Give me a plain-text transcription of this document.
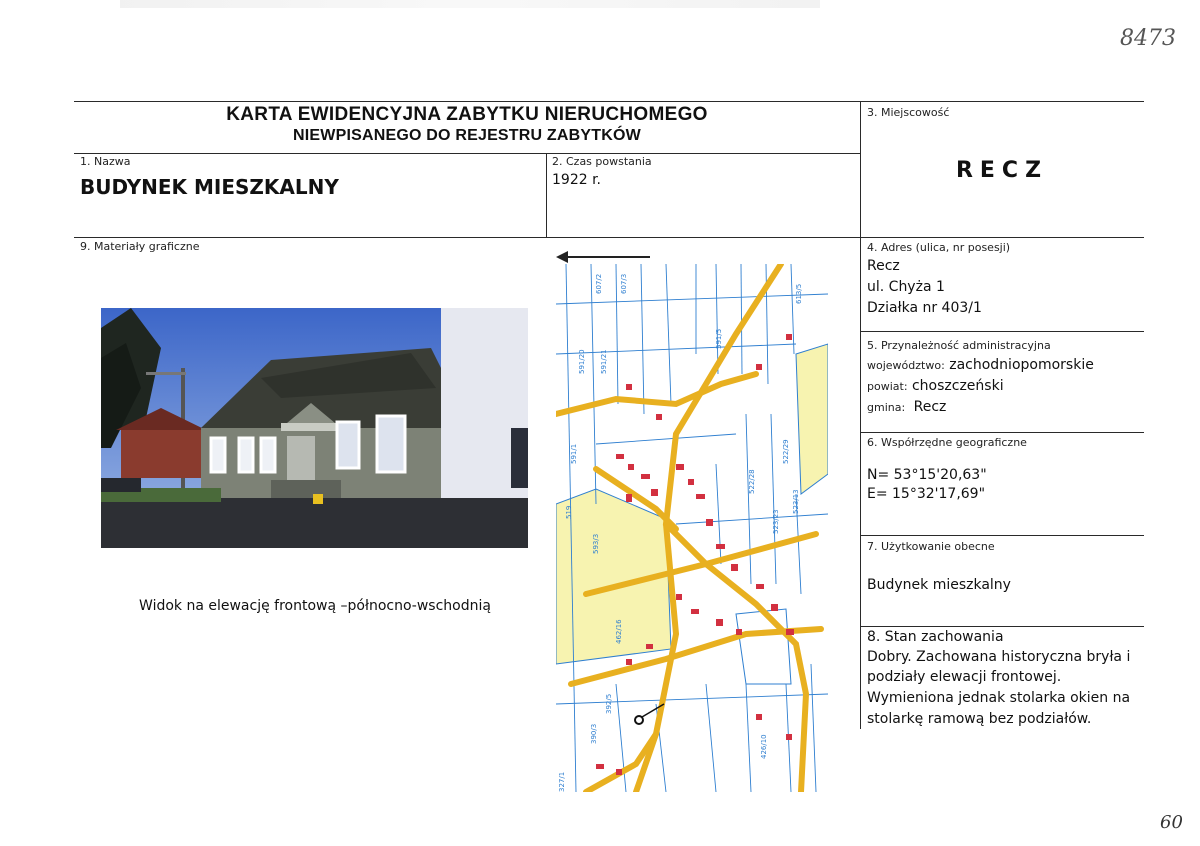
8473
KARTA EWIDENCYJNA ZABYTKU NIERUCHOMEGO
NIEWPISANEGO DO REJESTRU ZABYTKÓW
1. Nazwa
BUDYNEK MIESZKALNY
2. Czas powstania
1922 r.
3. Miejscowość
RECZ
9. Materiały graficzne
Widok na elewację frontową –północno-wschodnią
607/2 607/3
591/20 591/21
591/5
613/5
591/1
519
593/3
462/16
522/28
523/23
523/13
522/29
426/10
327/1
390/3
392/5
4. Adres (ulica, nr posesji)
Recz
ul. Chyża 1
Działka nr 403/1
5. Przynależność administracyjna
województwo: zachodniopomorskie
powiat: choszczeński
gmina: Recz
6. Współrzędne geograficzne
N= 53°15'20,63"
E= 15°32'17,69"
7. Użytkowanie obecne
Budynek mieszkalny
8. Stan zachowania
Dobry. Zachowana historyczna bryła i
podziały elewacji frontowej.
Wymieniona jednak stolarka okien na
stolarkę ramową bez podziałów.
60
